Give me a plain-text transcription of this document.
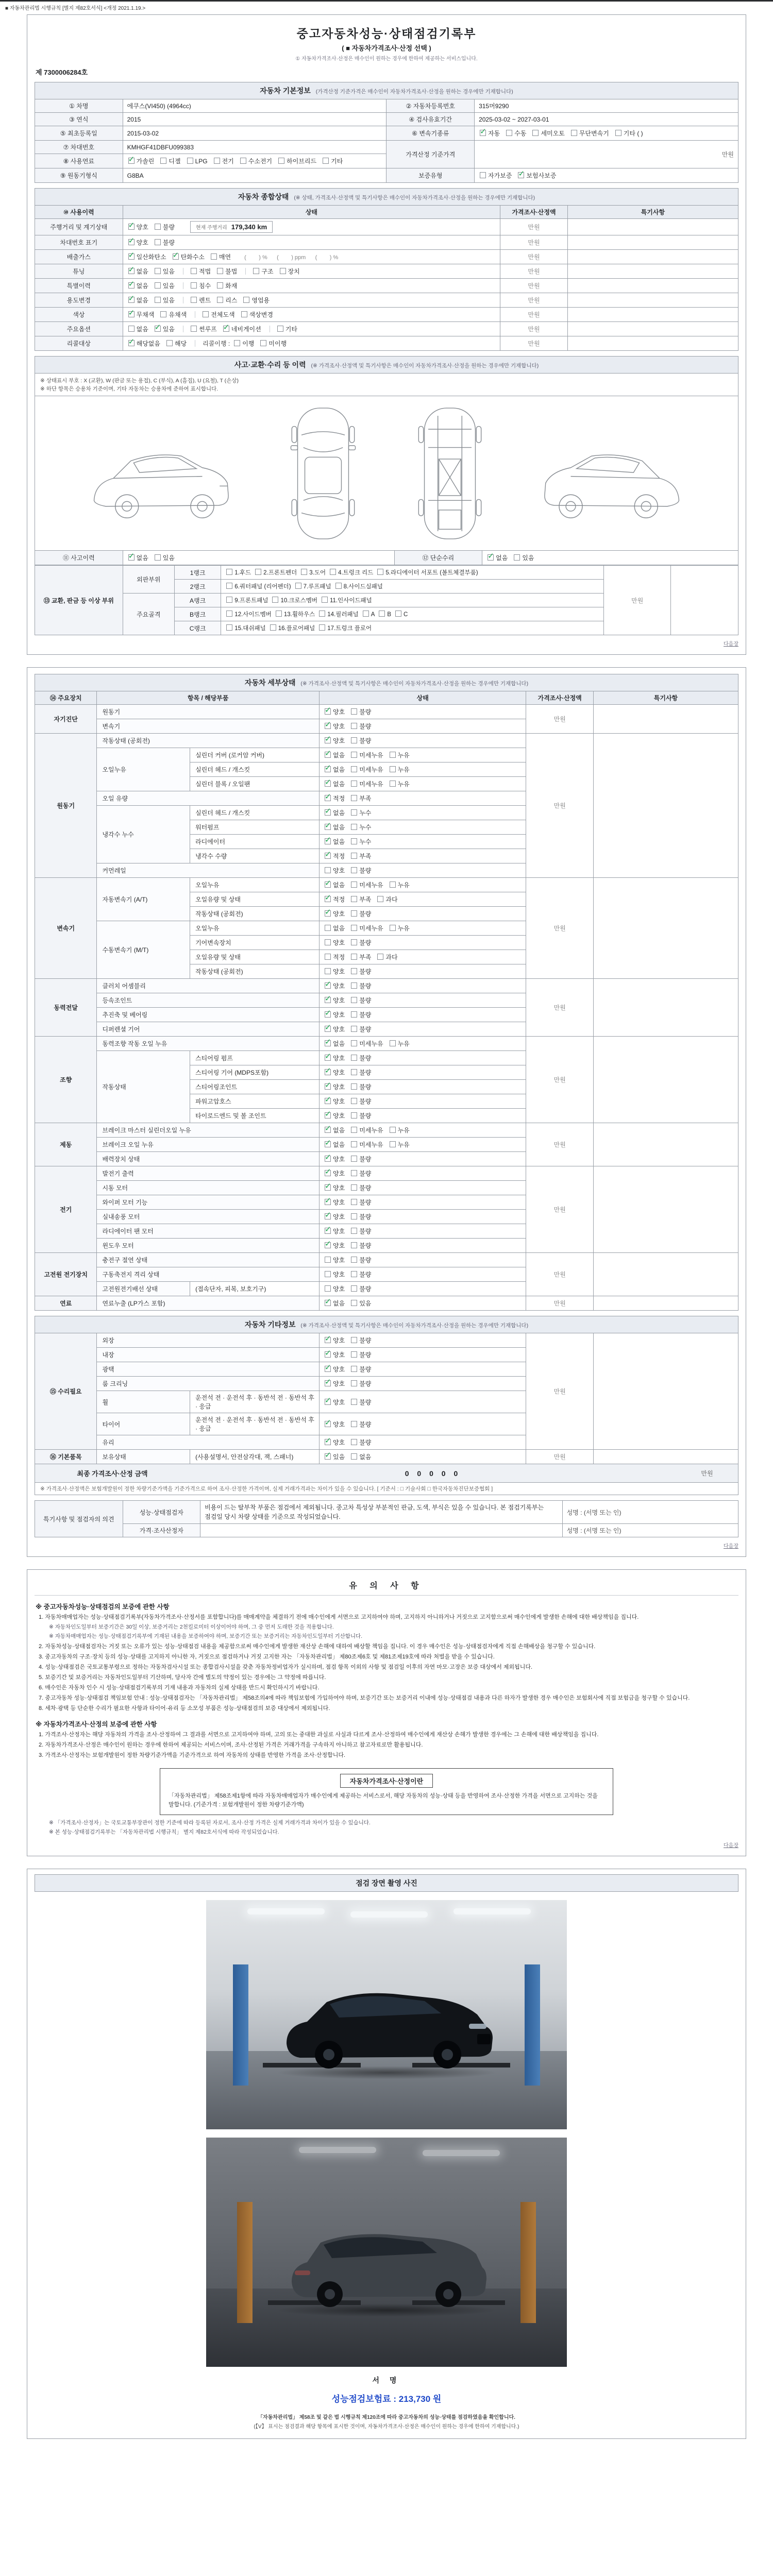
■ 자동차관리법 시행규칙 [별지 제82호서식] <개정 2021.1.19.>
중고자동차성능·상태점검기록부
( ■ 자동차가격조사·산정 선택 )
① 자동차가격조사·산정은 매수인이 원하는 경우에 한하여 제공하는 서비스입니다.
제 7300006284호
자동차 기본정보 (가격산정 기준가격은 매수인이 자동차가격조사·산정을 원하는 경우에만 기재합니다)
① 차명	에쿠스(VI450) (4964cc)	② 자동차등록번호	315머9290
③ 연식	2015	④ 검사유효기간	2025-03-02 ~ 2027-03-01
⑤ 최초등록일	2015-03-02	⑥ 변속기종류	✓자동 수동 세미오토 무단변속기 기타 ( )
⑦ 차대번호	KMHGF41DBFU099383	가격산정 기준가격	만원
⑧ 사용연료	✓가솔린 디젤 LPG 전기 수소전기 하이브리드 기타
⑨ 원동기형식	G8BA	보증유형	자가보증 ✓ 보험사보증
자동차 종합상태 (※ 상태, 가격조사·산정액 및 특기사항은 매수인이 자동차가격조사·산정을 원하는 경우에만 기재합니다)
⑩ 사용이력	상태	가격조사·산정액	특기사항
주행거리 및 계기상태	✓양호 불량 현재 주행거리 179,340 km	만원	
차대번호 표기	✓양호 불량	만원	
배출가스	✓일산화탄소 ✓ 탄화수소 매연 (        ) %      (        ) ppm      (        ) %	만원	
튜닝	✓없음 있음 적법 불법 구조 장치	만원	
특별이력	✓없음 있음 침수 화재	만원	
용도변경	✓없음 있음 렌트 리스 영업용	만원	
색상	✓무채색 유채색 전체도색 색상변경	만원	
주요옵션	없음 ✓ 있음 썬루프 ✓ 네비게이션 기타	만원	
리콜대상	✓해당없음 해당 리콜이행 : 이행 미이행	만원	
사고·교환·수리 등 이력 (※ 가격조사·산정액 및 특기사항은 매수인이 자동차가격조사·산정을 원하는 경우에만 기재합니다)
※ 상태표시 부호 : X (교환), W (판금 또는 용접), C (부식), A (흠집), U (요철), T (손상)
※ 하단 항목은 승용차 기준이며, 기타 자동차는 승용차에 준하여 표시합니다.
⑪ 사고이력	✓없음 있음	⑫ 단순수리	✓없음 있음
⑬ 교환, 판금 등 이상 부위	외판부위	1랭크	1.후드 2.프론트펜더 3.도어 4.트렁크 리드 5.라디에이터 서포트 (볼트체결부품)	만원	
		2랭크	6.쿼터패널 (리어펜더) 7.루프패널 8.사이드실패널		
	주요골격	A랭크	9.프론트패널 10.크로스멤버 11.인사이드패널		
		B랭크	12.사이드멤버 13.휠하우스 14.필러패널 A B C		
		C랭크	15.대쉬패널 16.플로어패널 17.트렁크 플로어		
다음장
자동차 세부상태 (※ 가격조사·산정액 및 특기사항은 매수인이 자동차가격조사·산정을 원하는 경우에만 기재합니다)
⑭ 주요장치	항목 / 해당부품		상태	가격조사·산정액	특기사항
자기진단	원동기	✓양호 불량	만원	
	변속기	✓양호 불량
원동기	작동상태 (공회전)	✓양호 불량	만원	
	오일누유	실린더 커버 (로커암 커버)	✓없음 미세누유 누유
		실린더 헤드 / 개스킷	✓없음 미세누유 누유
		실린더 블록 / 오일팬	✓없음 미세누유 누유
	오일 유량	✓적정 부족
	냉각수 누수	실린더 헤드 / 개스킷	✓없음 누수
		워터펌프	✓없음 누수
		라디에이터	✓없음 누수
		냉각수 수량	✓적정 부족
	커먼레일		양호 불량		
변속기	자동변속기 (A/T)	오일누유	✓없음 미세누유 누유	만원	
		오일유량 및 상태	✓적정 부족 과다
		작동상태 (공회전)	✓양호 불량
	수동변속기 (M/T)	오일누유	없음 미세누유 누유		
		기어변속장치	양호 불량		
		오일유량 및 상태	적정 부족 과다		
		작동상태 (공회전)	양호 불량		
동력전달	클러치 어셈블리	✓양호 불량	만원	
	등속조인트	✓양호 불량
	추진축 및 베어링	✓양호 불량
	디퍼렌셜 기어	✓양호 불량
조향	동력조향 작동 오일 누유	✓없음 미세누유 누유	만원	
	작동상태	스티어링 펌프	✓양호 불량
		스티어링 기어 (MDPS포함)	✓양호 불량
		스티어링조인트	✓양호 불량
		파워고압호스	✓양호 불량
		타이로드엔드 및 볼 조인트	✓양호 불량
제동	브레이크 마스터 실린더오일 누유	✓없음 미세누유 누유	만원	
	브레이크 오일 누유	✓없음 미세누유 누유
	배력장치 상태	✓양호 불량
전기	발전기 출력	✓양호 불량	만원	
	시동 모터	✓양호 불량
	와이퍼 모터 기능	✓양호 불량
	실내송풍 모터	✓양호 불량
	라디에이터 팬 모터	✓양호 불량
	윈도우 모터	✓양호 불량
고전원 전기장치	충전구 절연 상태		양호 불량	만원	
	구동축전지 격리 상태		양호 불량		
	고전원전기배선 상태	(접속단자, 피복, 보호기구)	양호 불량		
연료	연료누출 (LP가스 포함)	✓없음 있음	만원	
자동차 기타정보 (※ 가격조사·산정액 및 특기사항은 매수인이 자동차가격조사·산정을 원하는 경우에만 기재합니다)
⑮ 수리필요	외장	✓양호 불량	만원	
	내장	✓양호 불량
	광택	✓양호 불량
	룸 크리닝	✓양호 불량
	휠	운전석 전 · 운전석 후 · 동반석 전 · 동반석 후 · 응급	✓양호 불량
	타이어	운전석 전 · 운전석 후 · 동반석 전 · 동반석 후 · 응급	✓양호 불량
	유리	✓양호 불량
⑯ 기본품목	보유상태	(사용설명서, 안전삼각대, 잭, 스패너)	✓있음 없음	만원	
최종 가격조사·산정 금액	0 0 0 0 0	만원
※ 가격조사·산정액은 보험개발원이 정한 차량기준가액을 기준가격으로 하여 조사·산정한 가격이며, 실제 거래가격과는 차이가 있을 수 있습니다. [ 기준서 : □ 기술사회 □ 한국자동차진단보증협회 ]
특기사항 및 점검자의 의견	성능·상태점검자	비용이 드는 탈부착 부품은 점검에서 제외됩니다. 중고차 특성상 부분적인 판금, 도색, 부식은 있을 수 있습니다. 본 점검기록부는 점검일 당시 차량 상태를 기준으로 작성되었습니다.	성명 : (서명 또는 인)
	가격·조사산정자		성명 : (서명 또는 인)
다음장
유 의 사 항
※ 중고자동차성능·상태점검의 보증에 관한 사항
1. 자동차매매업자는 성능·상태점검기록부(자동차가격조사·산정서를 포함합니다)를 매매계약을 체결하기 전에 매수인에게 서면으로 고지하여야 하며, 고지하지 아니하거나 거짓으로 고지함으로써 매수인에게 발생한 손해에 대한 배상책임을 집니다.
※ 자동차인도일부터 보증기간은 30일 이상, 보증거리는 2천킬로미터 이상이어야 하며, 그 중 먼저 도래한 것을 적용합니다.
※ 자동차매매업자는 성능·상태점검기록부에 기재된 내용을 보증하여야 하며, 보증기간 또는 보증거리는 자동차인도일부터 기산합니다.
2. 자동차성능·상태점검자는 거짓 또는 오류가 있는 성능·상태점검 내용을 제공함으로써 매수인에게 발생한 재산상 손해에 대하여 배상할 책임을 집니다. 이 경우 매수인은 성능·상태점검자에게 직접 손해배상을 청구할 수 있습니다.
3. 중고자동차의 구조·장치 등의 성능·상태를 고지하지 아니한 자, 거짓으로 점검하거나 거짓 고지한 자는 「자동차관리법」 제80조제6호 및 제81조제19호에 따라 처벌을 받을 수 있습니다.
4. 성능·상태점검은 국토교통부령으로 정하는 자동차검사시설 또는 종합검사시설을 갖춘 자동차정비업자가 실시하며, 점검 항목 이외의 사항 및 점검일 이후의 자연 마모·고장은 보증 대상에서 제외됩니다.
5. 보증기간 및 보증거리는 자동차인도일부터 기산하며, 당사자 간에 별도의 약정이 있는 경우에는 그 약정에 따릅니다.
6. 매수인은 자동차 인수 시 성능·상태점검기록부의 기재 내용과 자동차의 실제 상태를 반드시 확인하시기 바랍니다.
7. 중고자동차 성능·상태점검 책임보험 안내 : 성능·상태점검자는 「자동차관리법」 제58조의4에 따라 책임보험에 가입하여야 하며, 보증기간 또는 보증거리 이내에 성능·상태점검 내용과 다른 하자가 발생한 경우 매수인은 보험회사에 직접 보험금을 청구할 수 있습니다.
8. 세차·광택 등 단순한 수리가 필요한 사항과 타이어·유리 등 소모성 부품은 성능·상태점검의 보증 대상에서 제외됩니다.
※ 자동차가격조사·산정의 보증에 관한 사항
1. 가격조사·산정자는 해당 자동차의 가격을 조사·산정하여 그 결과를 서면으로 고지하여야 하며, 고의 또는 중대한 과실로 사실과 다르게 조사·산정하여 매수인에게 재산상 손해가 발생한 경우에는 그 손해에 대한 배상책임을 집니다.
2. 자동차가격조사·산정은 매수인이 원하는 경우에 한하여 제공되는 서비스이며, 조사·산정된 가격은 거래가격을 구속하지 아니하고 참고자료로만 활용됩니다.
3. 가격조사·산정자는 보험개발원이 정한 차량기준가액을 기준가격으로 하여 자동차의 상태를 반영한 가격을 조사·산정합니다.
자동차가격조사·산정이란
「자동차관리법」 제58조제1항에 따라 자동차매매업자가 매수인에게 제공하는 서비스로서, 해당 자동차의 성능·상태 등을 반영하여 조사·산정한 가격을 서면으로 고지하는 것을 말합니다. (기준가격 : 보험개발원이 정한 차량기준가액)
※ 「가격조사·산정자」는 국토교통부장관이 정한 기준에 따라 등록된 자로서, 조사·산정 가격은 실제 거래가격과 차이가 있을 수 있습니다.
※ 본 성능·상태점검기록부는 「자동차관리법 시행규칙」 별지 제82호서식에 따라 작성되었습니다.
다음장
점검 장면 촬영 사진
서 명
성능점검보험료 : 213,730 원
「자동차관리법」 제58조 및 같은 법 시행규칙 제120조에 따라 중고자동차의 성능·상태를 점검하였음을 확인합니다.
(【V】 표시는 점검결과 해당 항목에 표시한 것이며, 자동차가격조사·산정은 매수인이 원하는 경우에 한하여 기재합니다.)
